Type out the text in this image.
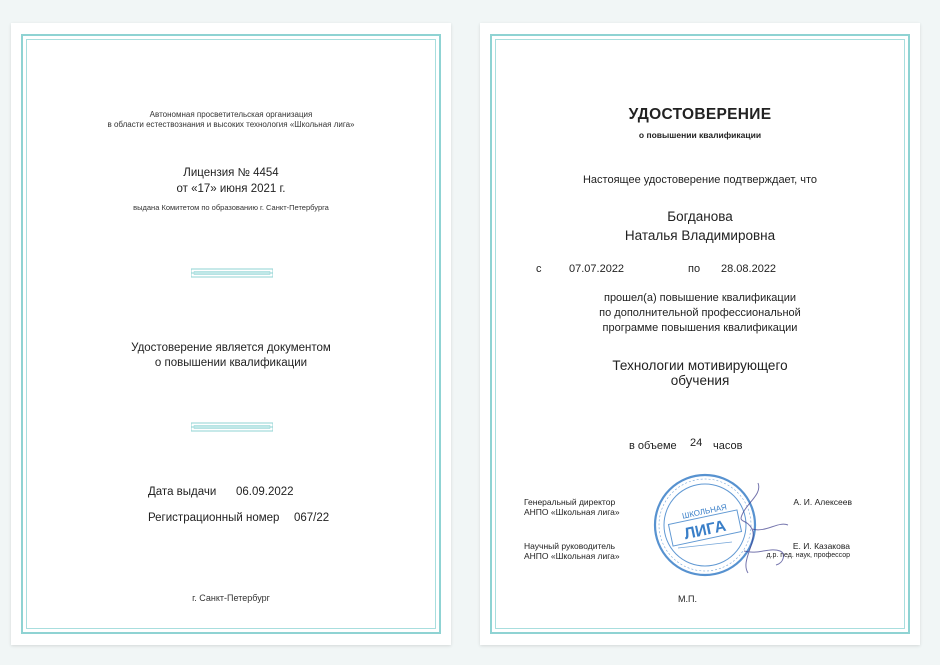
Автономная просветительская организация
в области естествознания и высоких технология «Школьная лига»
Лицензия № 4454
от «17» июня 2021 г.
выдана Комитетом по образованию г. Санкт-Петербурга
Удостоверение является документом
о повышении квалификации
Дата выдачи 06.09.2022
Регистрационный номер 067/22
г. Санкт-Петербург
УДОСТОВЕРЕНИЕ
о повышении квалификации
Настоящее удостоверение подтверждает, что
Богданова
Наталья Владимировна
с	07.07.2022	по 28.08.2022
прошел(а) повышение квалификации
по дополнительной профессиональной
программе повышения квалификации
Технологии мотивирующего
обучения
в объеме 24 часов
Генеральный директор
АНПО «Школьная лига»
А. И. Алексеев
Научный руководитель
АНПО «Школьная лига»
Е. И. Казакова
д.р. пед. наук, профессор
ШКОЛЬНАЯ
ЛИГА
М.П.
